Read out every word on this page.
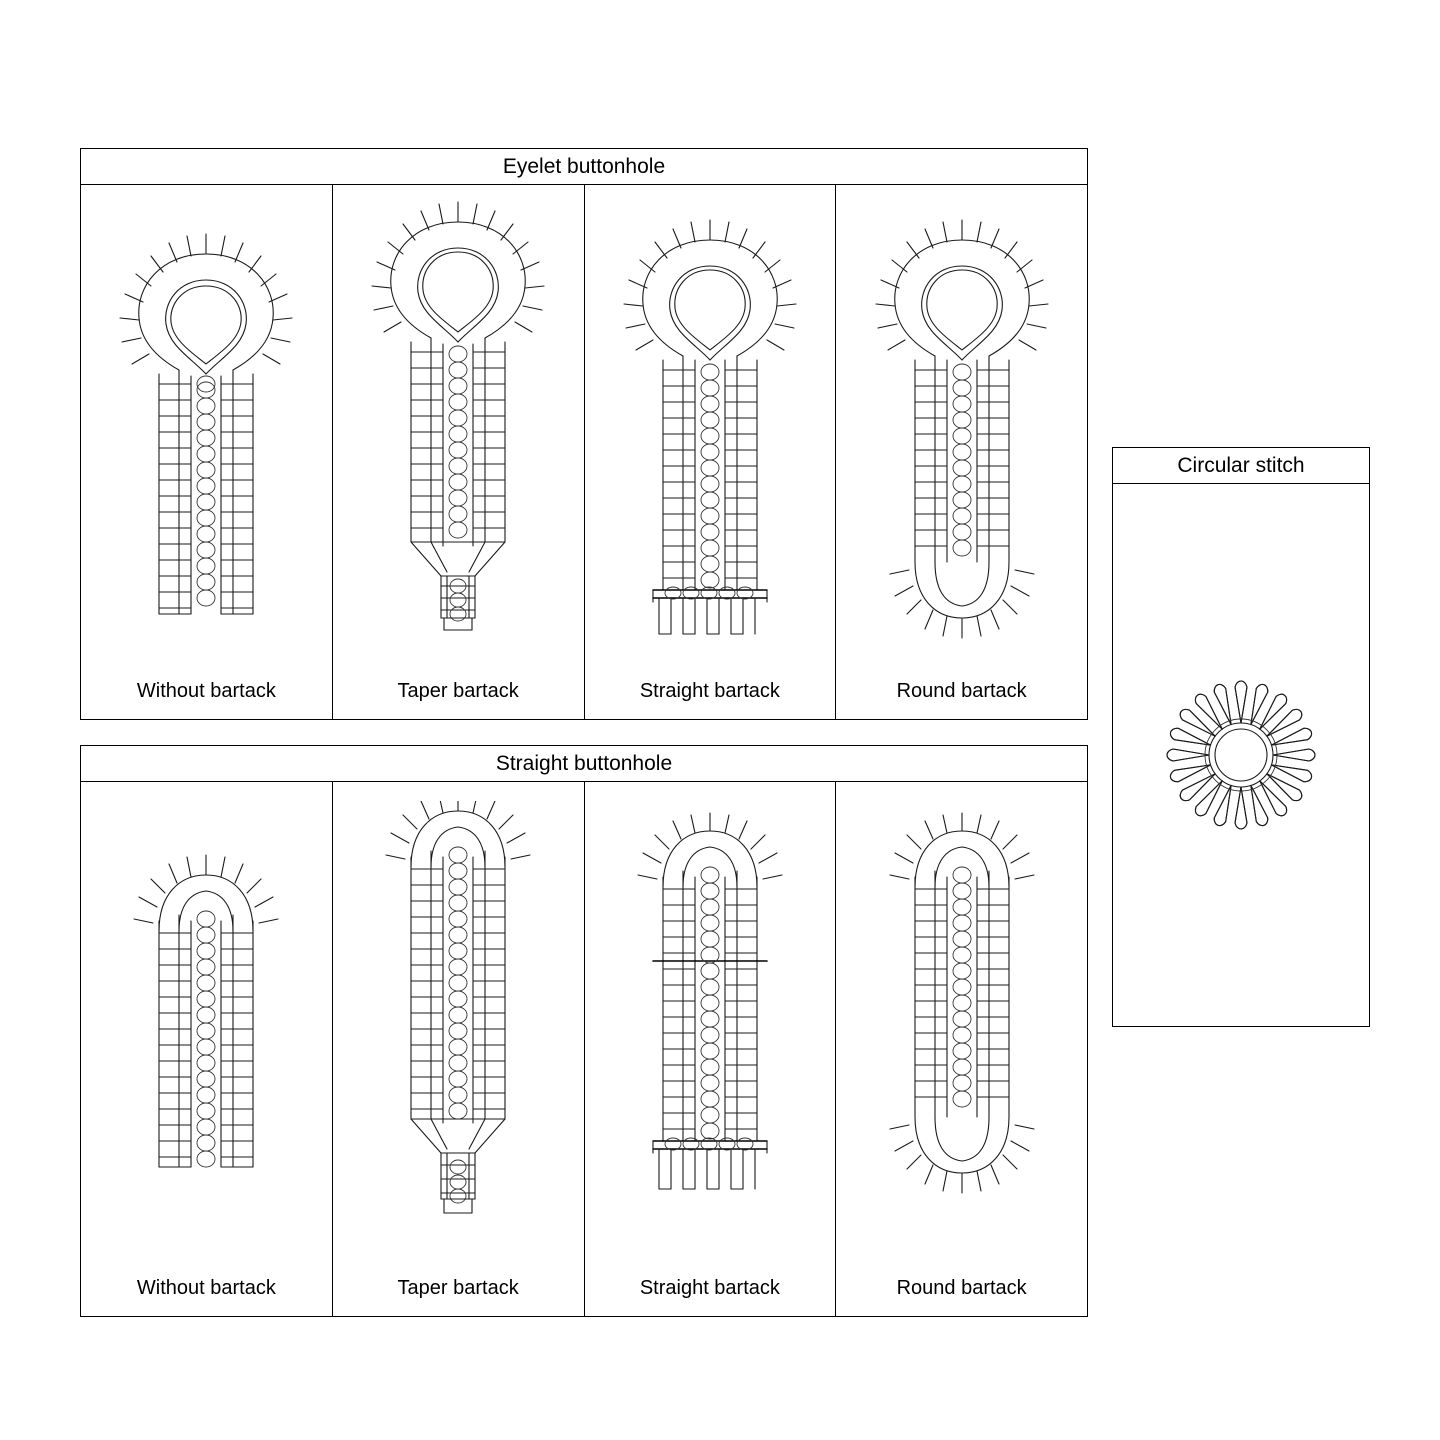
Eyelet buttonhole
Without bartack	Taper bartack	Straight bartack	Round bartack
Straight buttonhole
Without bartack	Taper bartack	Straight bartack	Round bartack
Circular stitch
